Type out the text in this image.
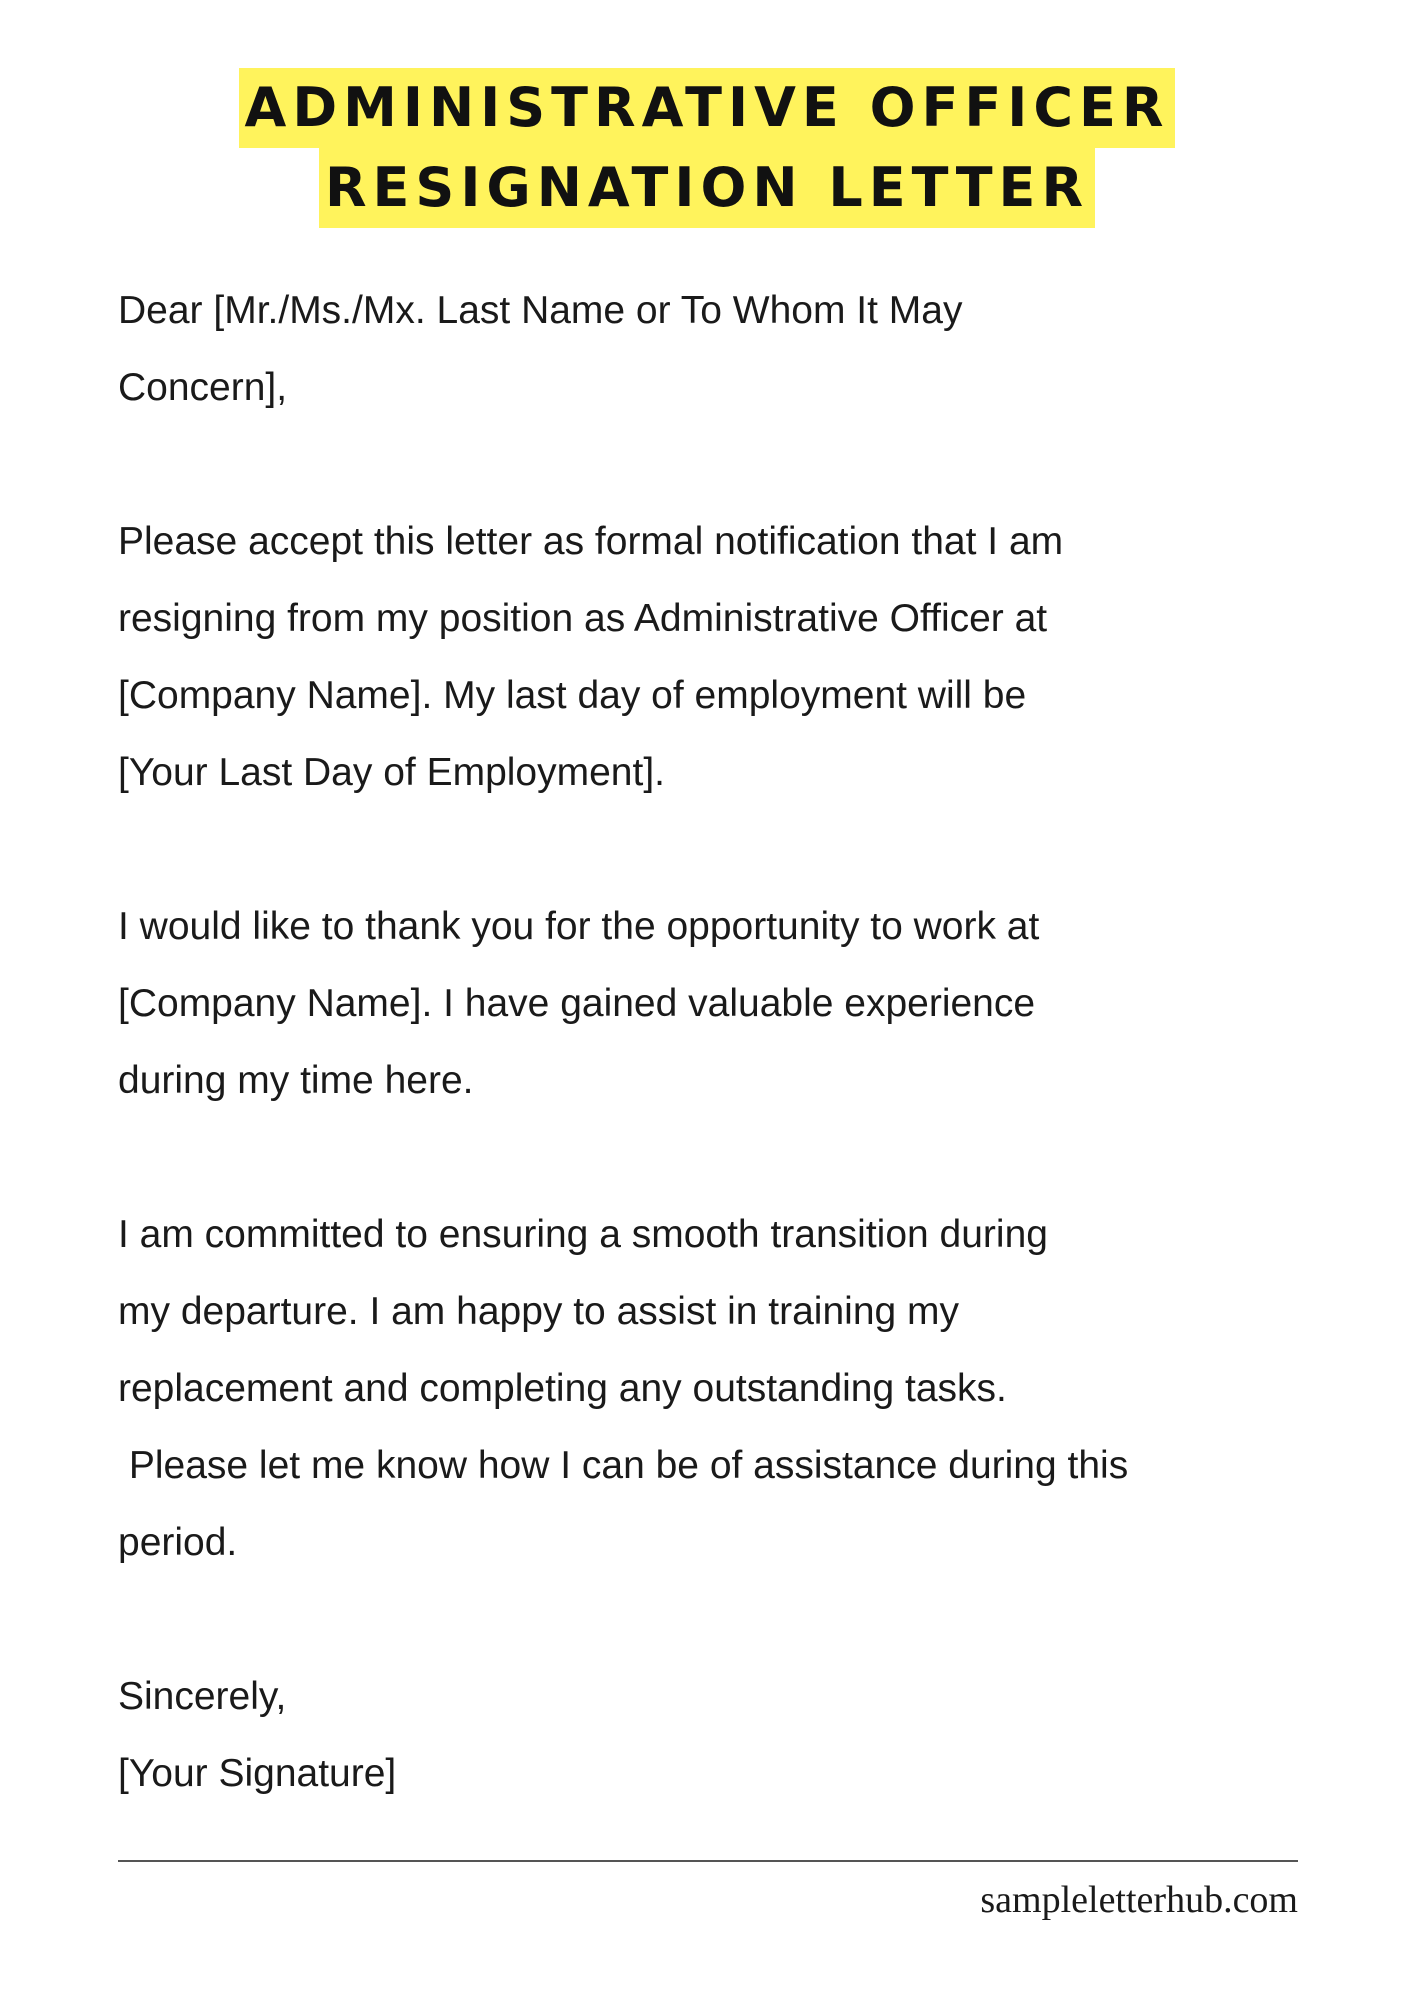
ADMINISTRATIVE OFFICER
RESIGNATION LETTER

Dear [Mr./Ms./Mx. Last Name or To Whom It May

Concern],

Please accept this letter as formal notification that I am

resigning from my position as Administrative Officer at

[Company Name]. My last day of employment will be

[Your Last Day of Employment].

I would like to thank you for the opportunity to work at

[Company Name]. I have gained valuable experience

during my time here.

I am committed to ensuring a smooth transition during

my departure. I am happy to assist in training my

replacement and completing any outstanding tasks.

Please let me know how I can be of assistance during this

period.

Sincerely,

[Your Signature]

sampleletterhub.com
